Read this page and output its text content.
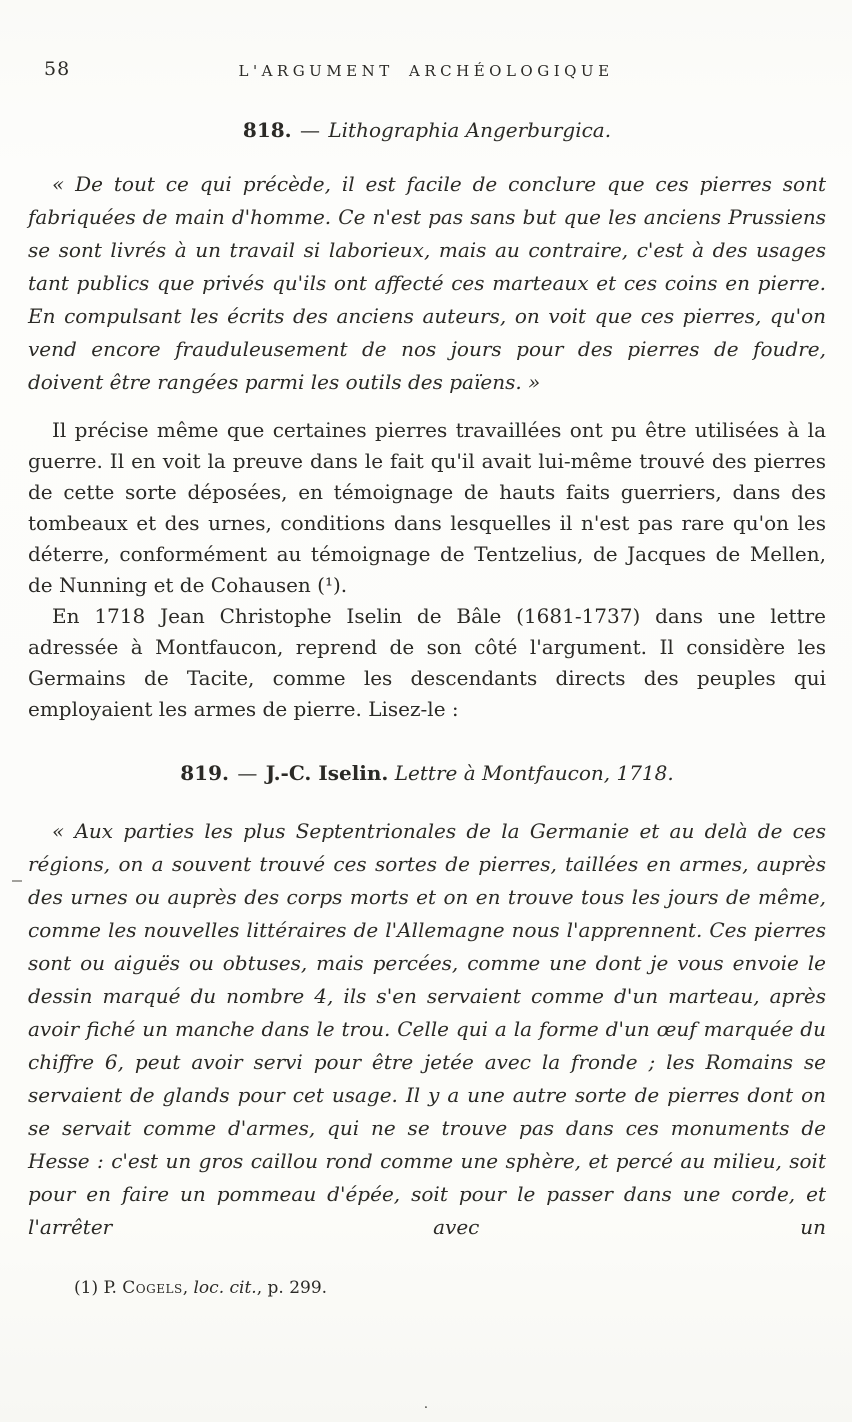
58	L'ARGUMENT ARCHÉOLOGIQUE
818. — Lithographia Angerburgica.

« De tout ce qui précède, il est facile de conclure que ces pierres sont fabriquées de main d'homme. Ce n'est pas sans but que les anciens Prussiens se sont livrés à un travail si laborieux, mais au contraire, c'est à des usages tant publics que privés qu'ils ont affecté ces marteaux et ces coins en pierre. En compulsant les écrits des anciens auteurs, on voit que ces pierres, qu'on vend encore frauduleusement de nos jours pour des pierres de foudre, doivent être rangées parmi les outils des païens. »

Il précise même que certaines pierres travaillées ont pu être utilisées à la guerre. Il en voit la preuve dans le fait qu'il avait lui-même trouvé des pierres de cette sorte déposées, en témoignage de hauts faits guerriers, dans des tombeaux et des urnes, conditions dans lesquelles il n'est pas rare qu'on les déterre, conformément au témoignage de Tentzelius, de Jacques de Mellen, de Nunning et de Cohausen (¹).

En 1718 Jean Christophe Iselin de Bâle (1681-1737) dans une lettre adressée à Montfaucon, reprend de son côté l'argument. Il considère les Germains de Tacite, comme les descendants directs des peuples qui employaient les armes de pierre. Lisez-le :

819. — J.-C. Iselin. Lettre à Montfaucon, 1718.

« Aux parties les plus Septentrionales de la Germanie et au delà de ces régions, on a souvent trouvé ces sortes de pierres, taillées en armes, auprès des urnes ou auprès des corps morts et on en trouve tous les jours de même, comme les nouvelles littéraires de l'Allemagne nous l'apprennent. Ces pierres sont ou aiguës ou obtuses, mais percées, comme une dont je vous envoie le dessin marqué du nombre 4, ils s'en servaient comme d'un marteau, après avoir fiché un manche dans le trou. Celle qui a la forme d'un œuf marquée du chiffre 6, peut avoir servi pour être jetée avec la fronde ; les Romains se servaient de glands pour cet usage. Il y a une autre sorte de pierres dont on se servait comme d'armes, qui ne se trouve pas dans ces monuments de Hesse : c'est un gros caillou rond comme une sphère, et percé au milieu, soit pour en faire un pommeau d'épée, soit pour le passer dans une corde, et l'arrêter avec un

(1) P. Cogels, loc. cit., p. 299.
.
